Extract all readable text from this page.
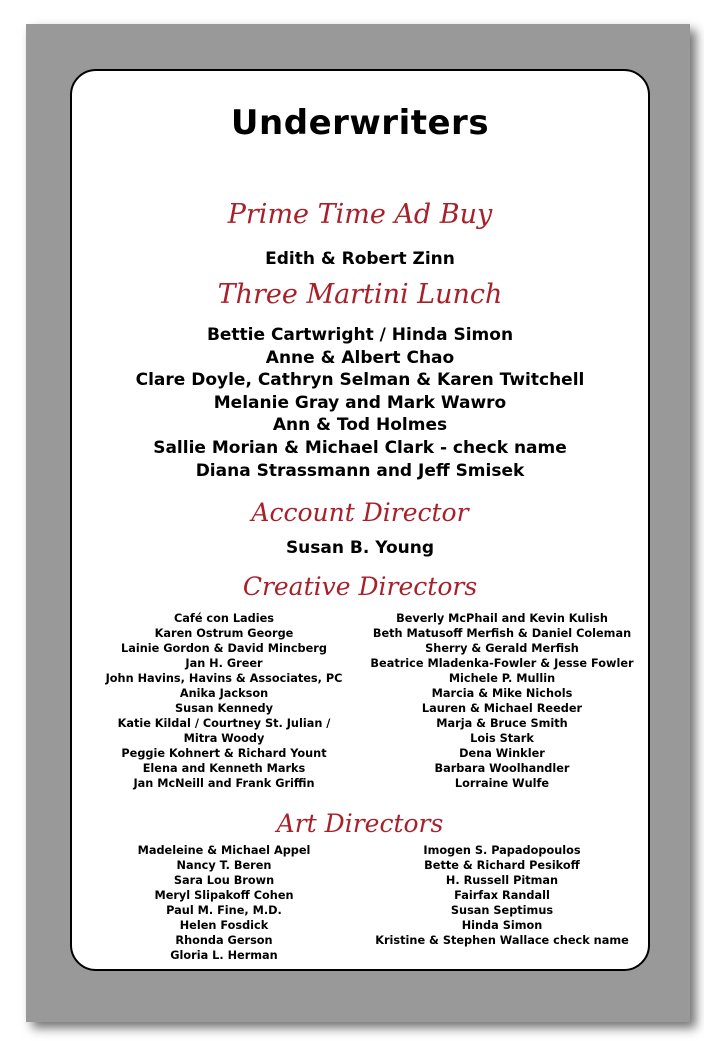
Underwriters
Prime Time Ad Buy
Edith & Robert Zinn
Three Martini Lunch
Bettie Cartwright / Hinda Simon
Anne & Albert Chao
Clare Doyle, Cathryn Selman & Karen Twitchell
Melanie Gray and Mark Wawro
Ann & Tod Holmes
Sallie Morian & Michael Clark - check name
Diana Strassmann and Jeff Smisek
Account Director
Susan B. Young
Creative Directors
Café con Ladies
Karen Ostrum George
Lainie Gordon & David Mincberg
Jan H. Greer
John Havins, Havins & Associates, PC
Anika Jackson
Susan Kennedy
Katie Kildal / Courtney St. Julian /
Mitra Woody
Peggie Kohnert & Richard Yount
Elena and Kenneth Marks
Jan McNeill and Frank Griffin
Beverly McPhail and Kevin Kulish
Beth Matusoff Merfish & Daniel Coleman
Sherry & Gerald Merfish
Beatrice Mladenka-Fowler & Jesse Fowler
Michele P. Mullin
Marcia & Mike Nichols
Lauren & Michael Reeder
Marja & Bruce Smith
Lois Stark
Dena Winkler
Barbara Woolhandler
Lorraine Wulfe
Art Directors
Madeleine & Michael Appel
Nancy T. Beren
Sara Lou Brown
Meryl Slipakoff Cohen
Paul M. Fine, M.D.
Helen Fosdick
Rhonda Gerson
Gloria L. Herman
Imogen S. Papadopoulos
Bette & Richard Pesikoff
H. Russell Pitman
Fairfax Randall
Susan Septimus
Hinda Simon
Kristine & Stephen Wallace check name
